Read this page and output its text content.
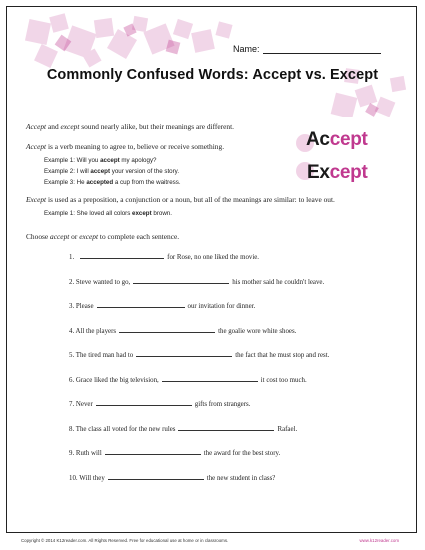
Name:
Commonly Confused Words: Accept vs. Except
Accept and except sound nearly alike, but their meanings are different.
Accept is a verb meaning to agree to, believe or receive something.
Example 1: Will you accept my apology?
Example 2: I will accept your version of the story.
Example 3: He accepted a cup from the waitress.
Except is used as a preposition, a conjunction or a noun, but all of the meanings are similar: to leave out.
Example 1: She loved all colors except brown.
Accept
Except
Choose accept or except to complete each sentence.
1.	for Rose, no one liked the movie.
2. Steve wanted to go,	his mother said he couldn't leave.
3. Please	our invitation for dinner.
4. All the players	the goalie wore white shoes.
5. The tired man had to	the fact that he must stop and rest.
6. Grace liked the big television,	it cost too much.
7. Never	gifts from strangers.
8. The class all voted for the new rules	Rafael.
9. Ruth will	the award for the best story.
10. Will they	the new student in class?
Copyright © 2014 K12reader.com. All Rights Reserved. Free for educational use at home or in classrooms.	www.k12reader.com
